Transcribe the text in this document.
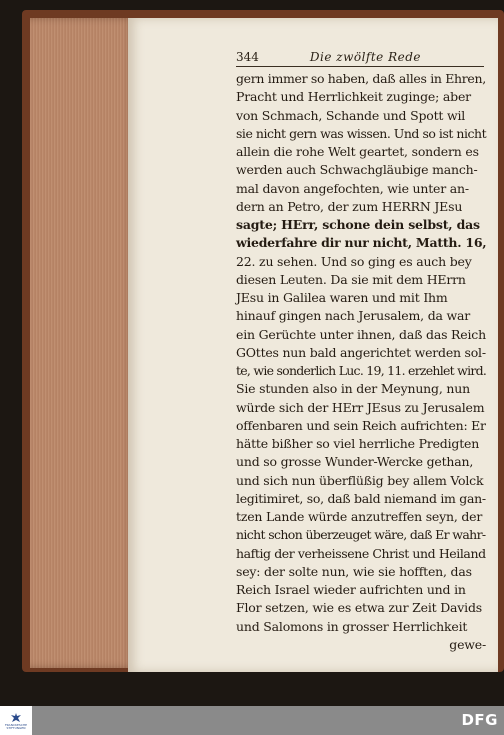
344	Die zwölfte Rede
gern immer so haben, daß alles in Ehren,
Pracht und Herrlichkeit zuginge; aber
von Schmach, Schande und Spott wil
sie nicht gern was wissen. Und so ist nicht
allein die rohe Welt geartet, sondern es
werden auch Schwachgläubige manch-
mal davon angefochten, wie unter an-
dern an Petro, der zum HERRN JEsu
sagte; HErr, schone dein selbst, das
wiederfahre dir nur nicht, Matth. 16,
22. zu sehen. Und so ging es auch bey
diesen Leuten. Da sie mit dem HErrn
JEsu in Galilea waren und mit Ihm
hinauf gingen nach Jerusalem, da war
ein Gerüchte unter ihnen, daß das Reich
GOttes nun bald angerichtet werden sol-
te, wie sonderlich Luc. 19, 11. erzehlet wird.
Sie stunden also in der Meynung, nun
würde sich der HErr JEsus zu Jerusalem
offenbaren und sein Reich aufrichten: Er
hätte bißher so viel herrliche Predigten
und so grosse Wunder-Wercke gethan,
und sich nun überflüßig bey allem Volck
legitimiret, so, daß bald niemand im gan-
tzen Lande würde anzutreffen seyn, der
nicht schon überzeuget wäre, daß Er wahr-
haftig der verheissene Christ und Heiland
sey: der solte nun, wie sie hofften, das
Reich Israel wieder aufrichten und in
Flor setzen, wie es etwa zur Zeit Davids
und Salomons in grosser Herrlichkeit
gewe-
FRANCKESCHE STIFTUNGEN	DFG
